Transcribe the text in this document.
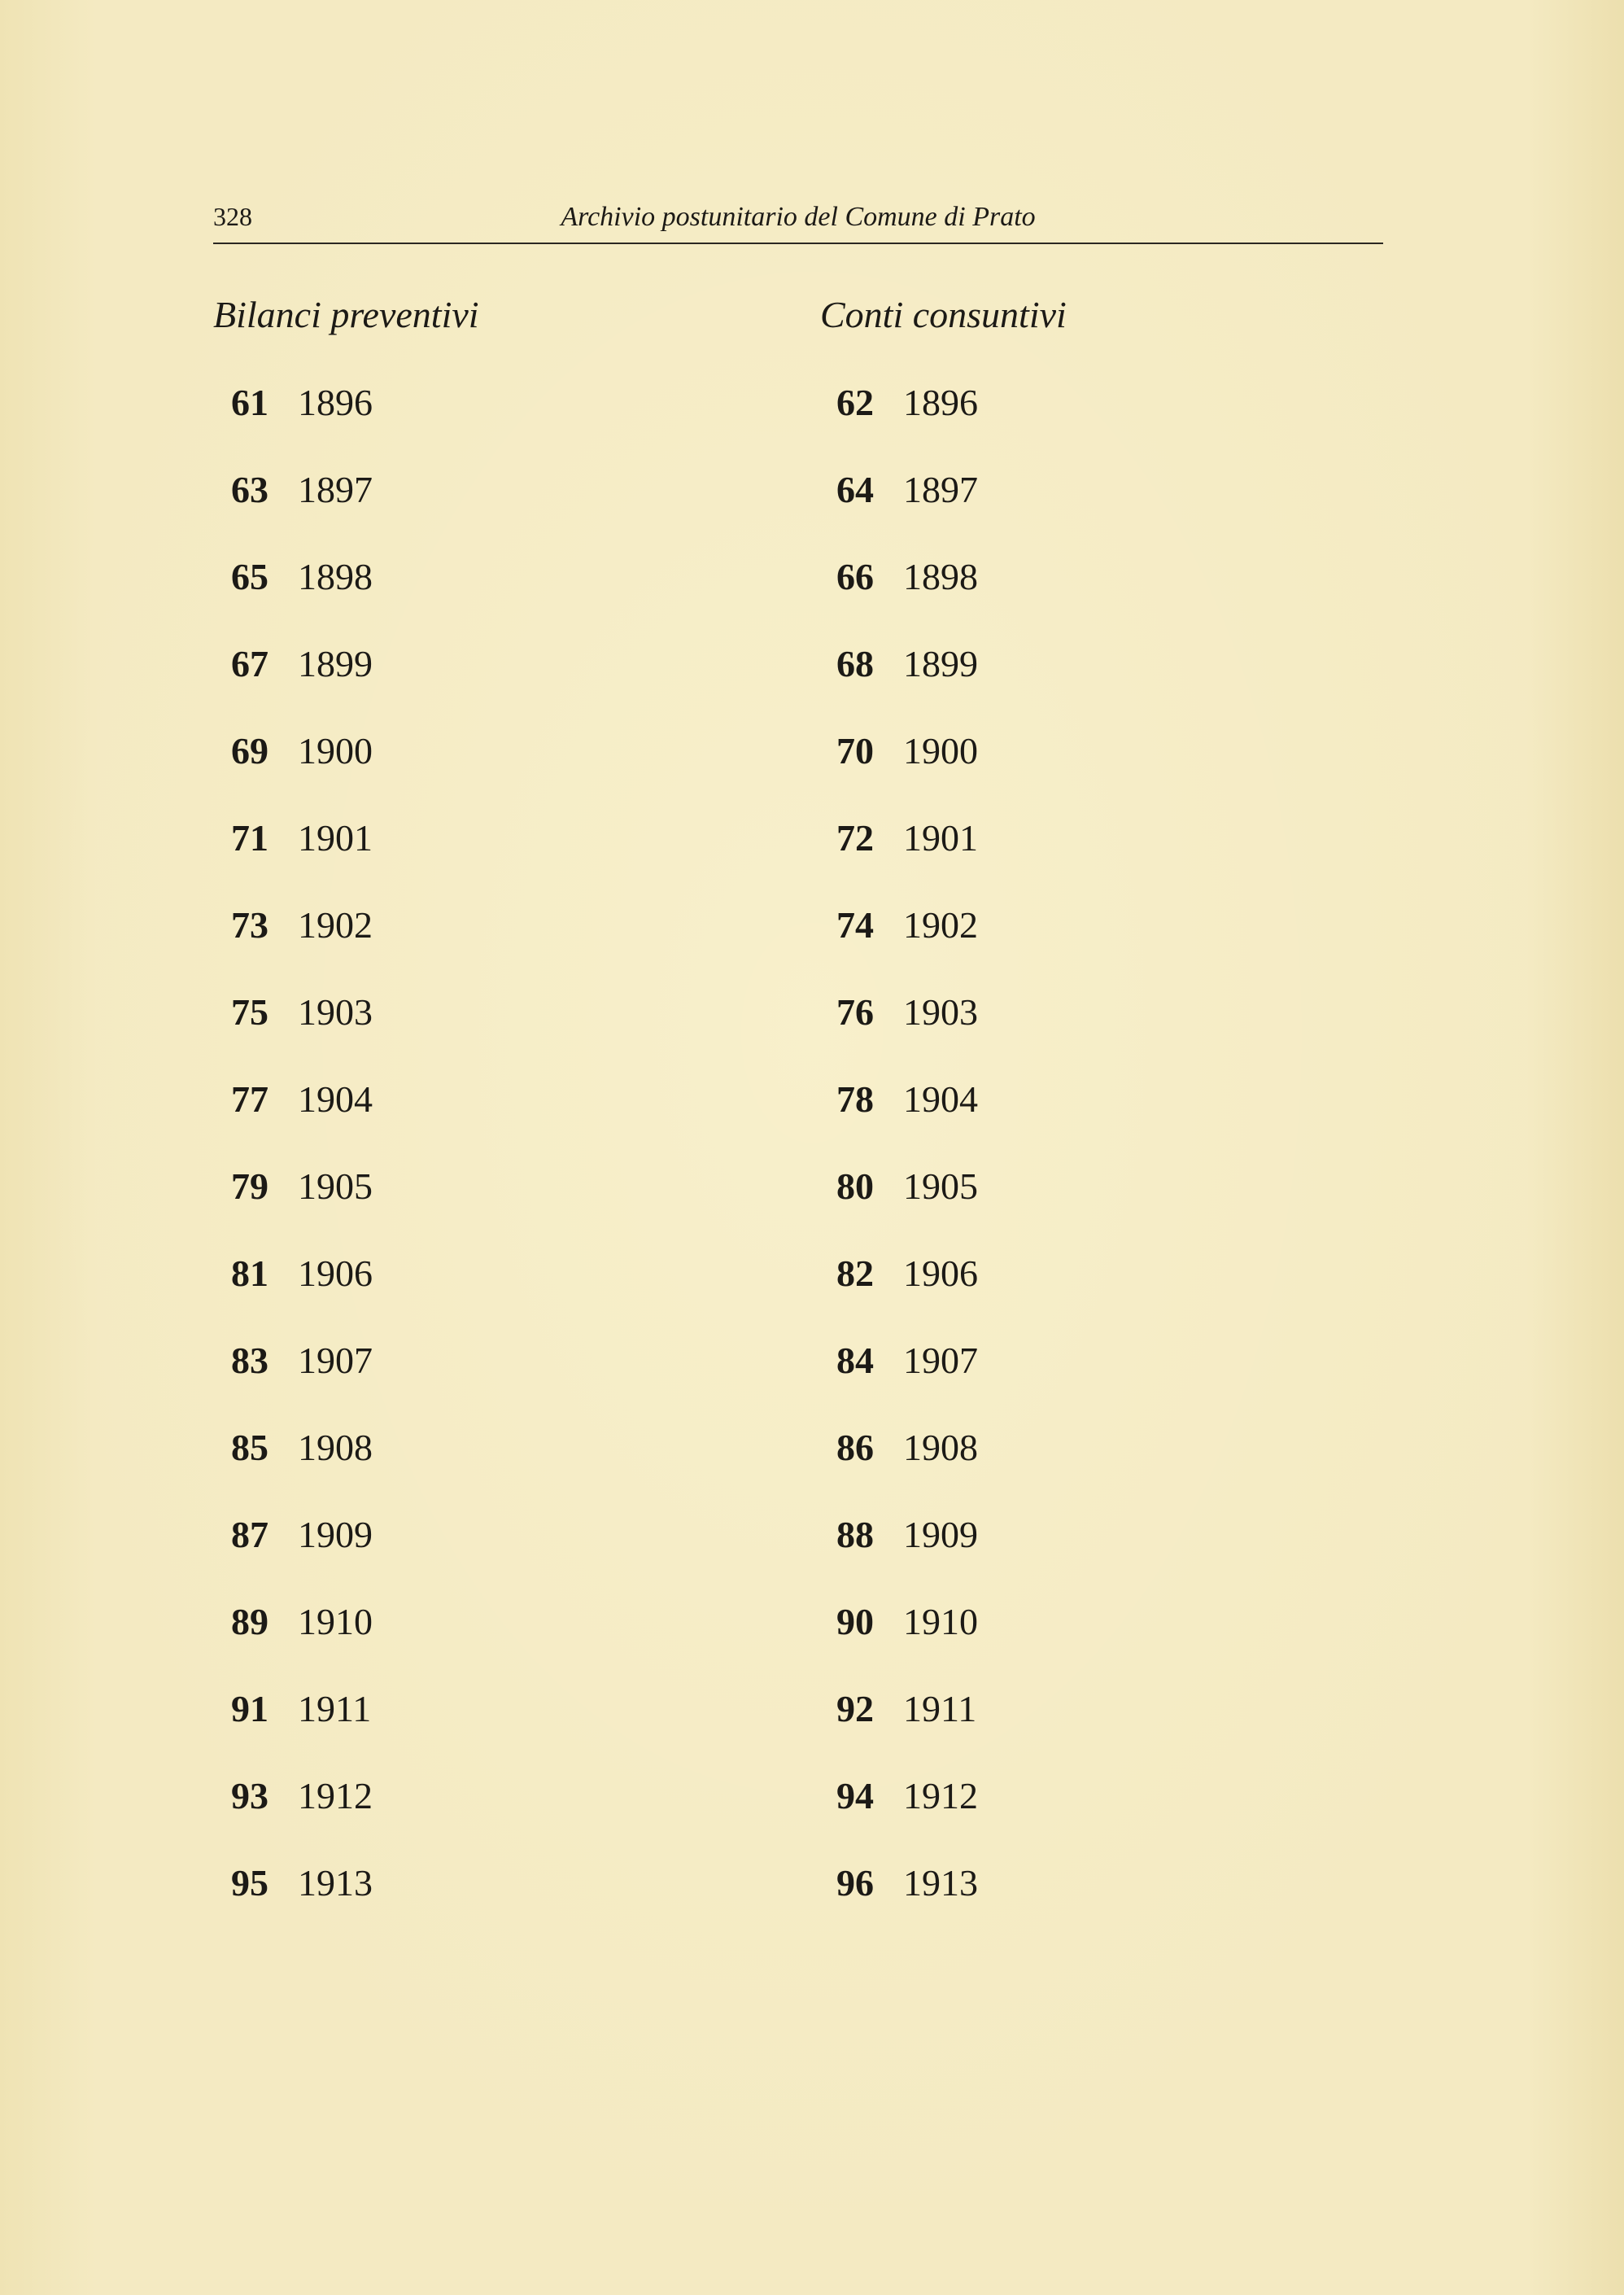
328	Archivio postunitario del Comune di Prato
Bilanci preventivi	Conti consuntivi
61 1896
63 1897
65 1898
67 1899
69 1900
71 1901
73 1902
75 1903
77 1904
79 1905
81 1906
83 1907
85 1908
87 1909
89 1910
91 1911
93 1912
95 1913
62 1896
64 1897
66 1898
68 1899
70 1900
72 1901
74 1902
76 1903
78 1904
80 1905
82 1906
84 1907
86 1908
88 1909
90 1910
92 1911
94 1912
96 1913
